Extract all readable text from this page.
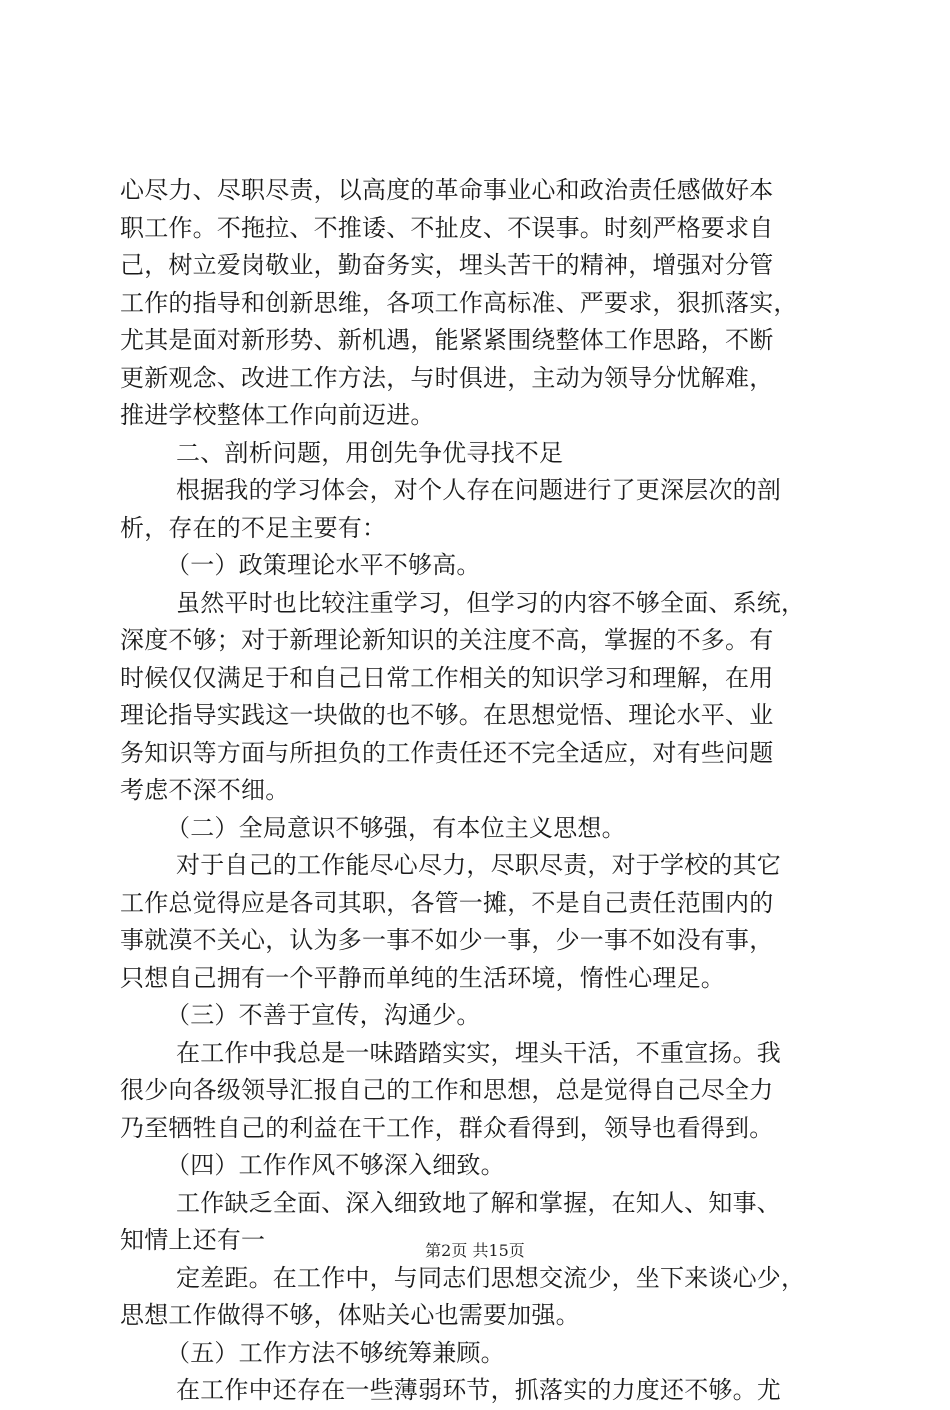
心尽力、尽职尽责，以高度的革命事业心和政治责任感做好本
职工作。不拖拉、不推诿、不扯皮、不误事。时刻严格要求自
己，树立爱岗敬业，勤奋务实，埋头苦干的精神，增强对分管
工作的指导和创新思维，各项工作高标准、严要求，狠抓落实，
尤其是面对新形势、新机遇，能紧紧围绕整体工作思路，不断
更新观念、改进工作方法，与时俱进，主动为领导分忧解难，
推进学校整体工作向前迈进。
二、剖析问题，用创先争优寻找不足
根据我的学习体会，对个人存在问题进行了更深层次的剖
析，存在的不足主要有：
（一）政策理论水平不够高。
虽然平时也比较注重学习，但学习的内容不够全面、系统，
深度不够；对于新理论新知识的关注度不高，掌握的不多。有
时候仅仅满足于和自己日常工作相关的知识学习和理解，在用
理论指导实践这一块做的也不够。在思想觉悟、理论水平、业
务知识等方面与所担负的工作责任还不完全适应，对有些问题
考虑不深不细。
（二）全局意识不够强，有本位主义思想。
对于自己的工作能尽心尽力，尽职尽责，对于学校的其它
工作总觉得应是各司其职，各管一摊，不是自己责任范围内的
事就漠不关心，认为多一事不如少一事，少一事不如没有事，
只想自己拥有一个平静而单纯的生活环境，惰性心理足。
（三）不善于宣传，沟通少。
在工作中我总是一味踏踏实实，埋头干活，不重宣扬。我
很少向各级领导汇报自己的工作和思想，总是觉得自己尽全力
乃至牺牲自己的利益在干工作，群众看得到，领导也看得到。
（四）工作作风不够深入细致。
工作缺乏全面、深入细致地了解和掌握，在知人、知事、
知情上还有一
定差距。在工作中，与同志们思想交流少，坐下来谈心少，
思想工作做得不够，体贴关心也需要加强。
（五）工作方法不够统筹兼顾。
在工作中还存在一些薄弱环节，抓落实的力度还不够。尤
第2页 共15页
